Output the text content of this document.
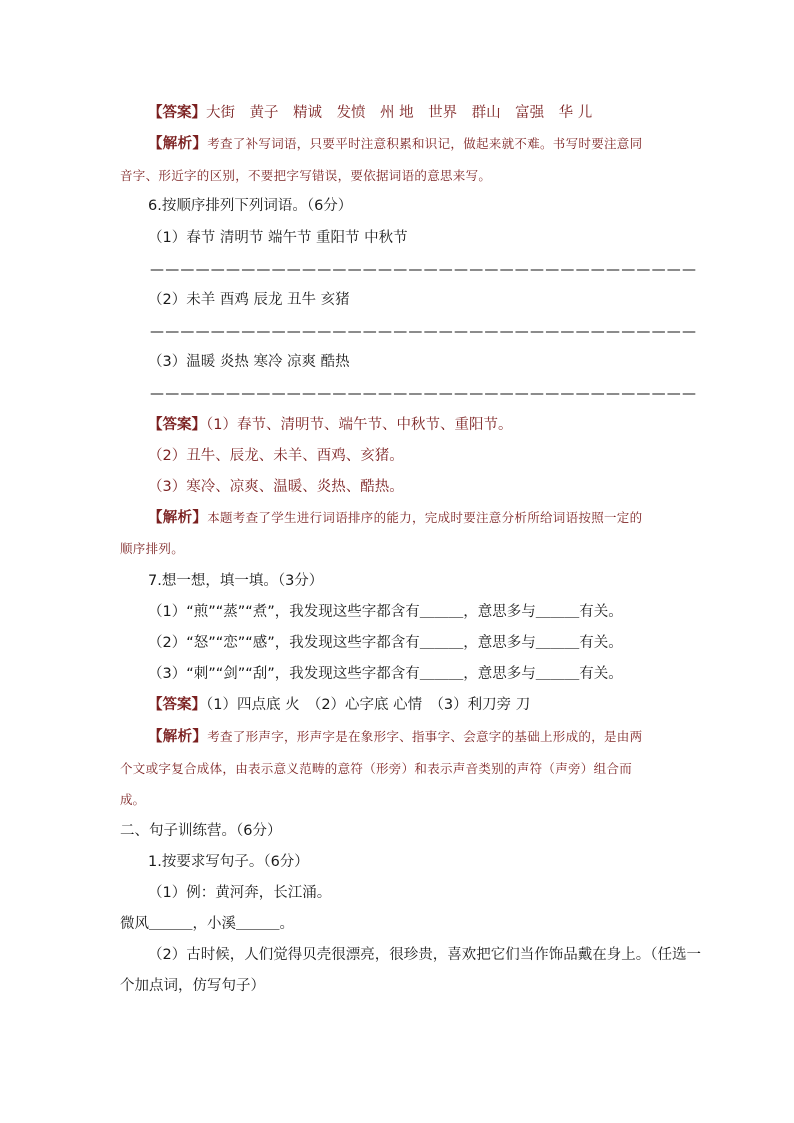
【答案】大街　黄子　精诚　发愤　州 地　世界　群山　富强　华 儿
【解析】考查了补写词语，只要平时注意积累和识记，做起来就不难。书写时要注意同
音字、形近字的区别，不要把字写错误，要依据词语的意思来写。
6.按顺序排列下列词语。（6分）
（1）春节 清明节 端午节 重阳节 中秋节
————————————————————————————————————
（2）未羊 酉鸡 辰龙 丑牛 亥猪
————————————————————————————————————
（3）温暖 炎热 寒冷 凉爽 酷热
————————————————————————————————————
【答案】（1）春节、清明节、端午节、中秋节、重阳节。
（2）丑牛、辰龙、未羊、酉鸡、亥猪。
（3）寒冷、凉爽、温暖、炎热、酷热。
【解析】本题考查了学生进行词语排序的能力，完成时要注意分析所给词语按照一定的
顺序排列。
7.想一想，填一填。（3分）
（1）“煎”“蒸”“煮”，我发现这些字都含有＿＿＿，意思多与＿＿＿有关。
（2）“怒”“恋”“感”，我发现这些字都含有＿＿＿，意思多与＿＿＿有关。
（3）“刺”“剑”“刮”，我发现这些字都含有＿＿＿，意思多与＿＿＿有关。
【答案】（1）四点底 火　（2）心字底 心情　（3）利刀旁 刀
【解析】考查了形声字，形声字是在象形字、指事字、会意字的基础上形成的，是由两
个文或字复合成体，由表示意义范畴的意符（形旁）和表示声音类别的声符（声旁）组合而
成。
二、句子训练营。（6分）
1.按要求写句子。（6分）
（1）例：黄河奔，长江涌。
微风＿＿＿，小溪＿＿＿。
（2）古时候，人们觉得贝壳很漂亮，很珍贵，喜欢把它们当作饰品戴在身上。（任选一
个加点词，仿写句子）
